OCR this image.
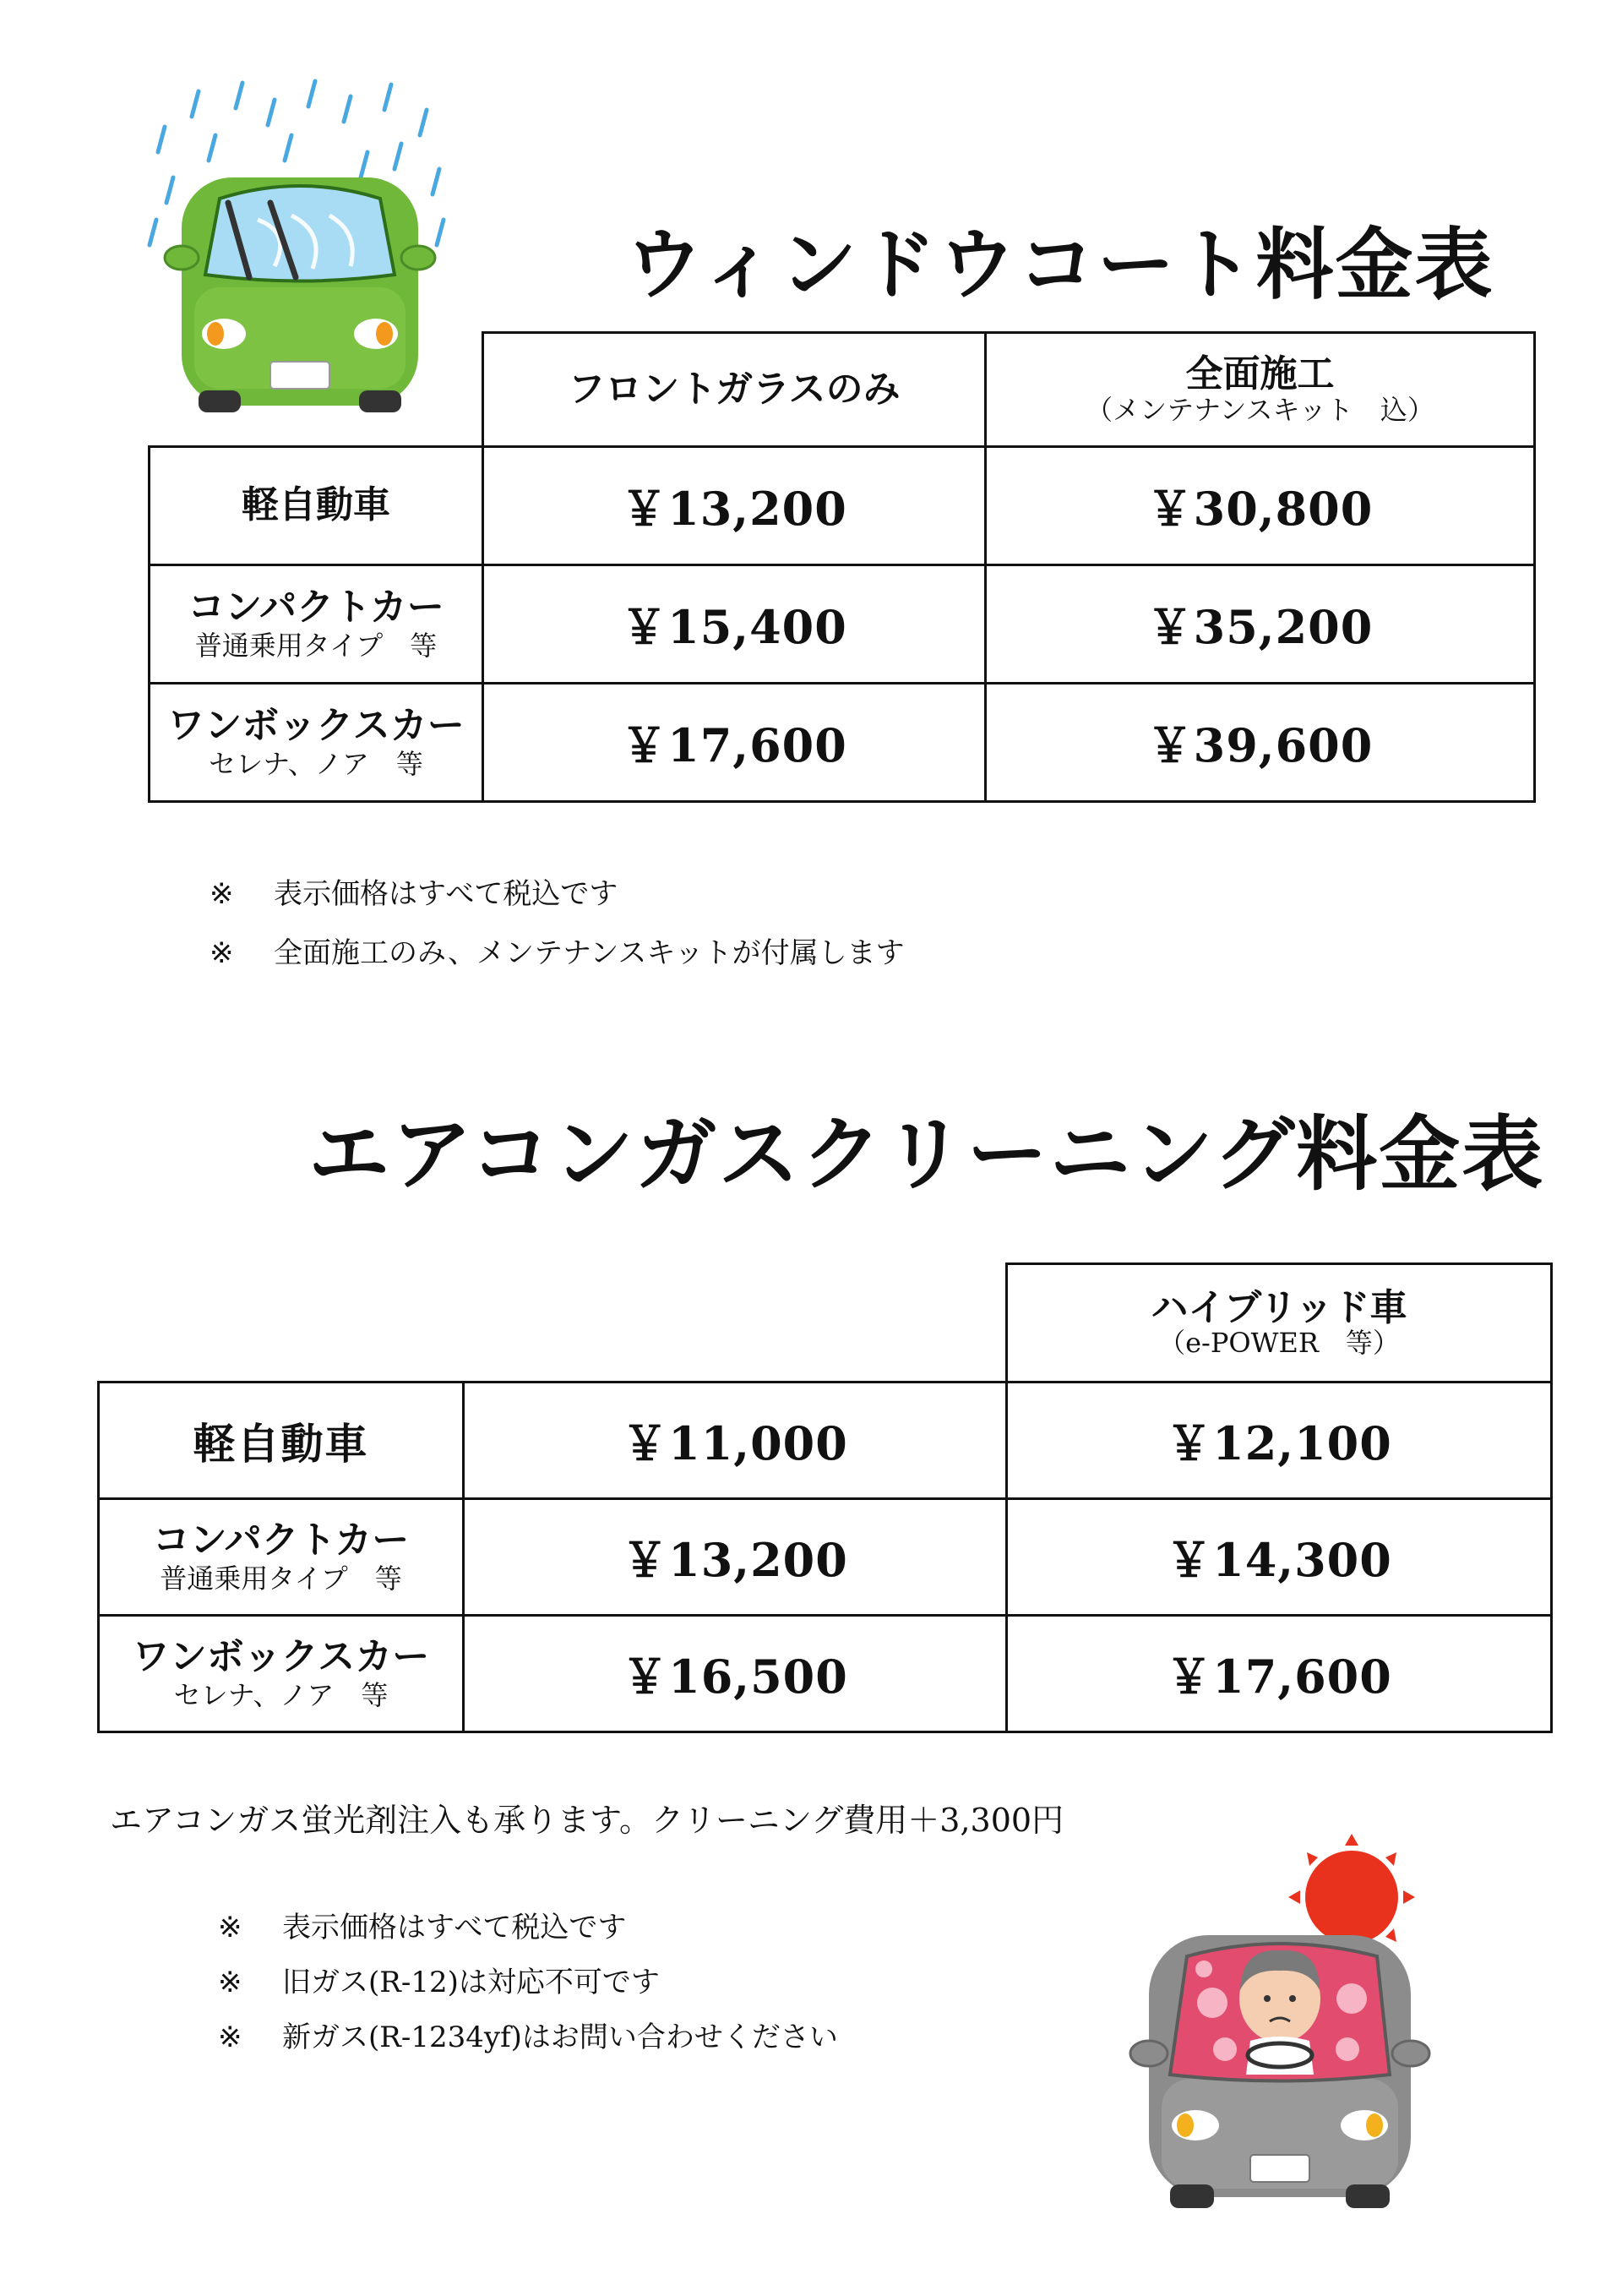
ウィンドウコート料金表

	フロントガラスのみ	全面施工
（メンテナンスキット　込）

軽自動車	￥13,200	￥30,800

コンパクトカー
普通乗用タイプ　等	￥15,400	￥35,200

ワンボックスカー
セレナ、ノア　等	￥17,600	￥39,600
※ 表示価格はすべて税込です
※ 全面施工のみ、メンテナンスキットが付属します
エアコンガスクリーニング料金表

		ハイブリッド車
（e-POWER　等）

軽自動車	￥11,000	￥12,100

コンパクトカー
普通乗用タイプ　等	￥13,200	￥14,300

ワンボックスカー
セレナ、ノア　等	￥16,500	￥17,600
エアコンガス蛍光剤注入も承ります。クリーニング費用＋3,300円
※ 表示価格はすべて税込です
※ 旧ガス(R-12)は対応不可です
※ 新ガス(R-1234yf)はお問い合わせください
